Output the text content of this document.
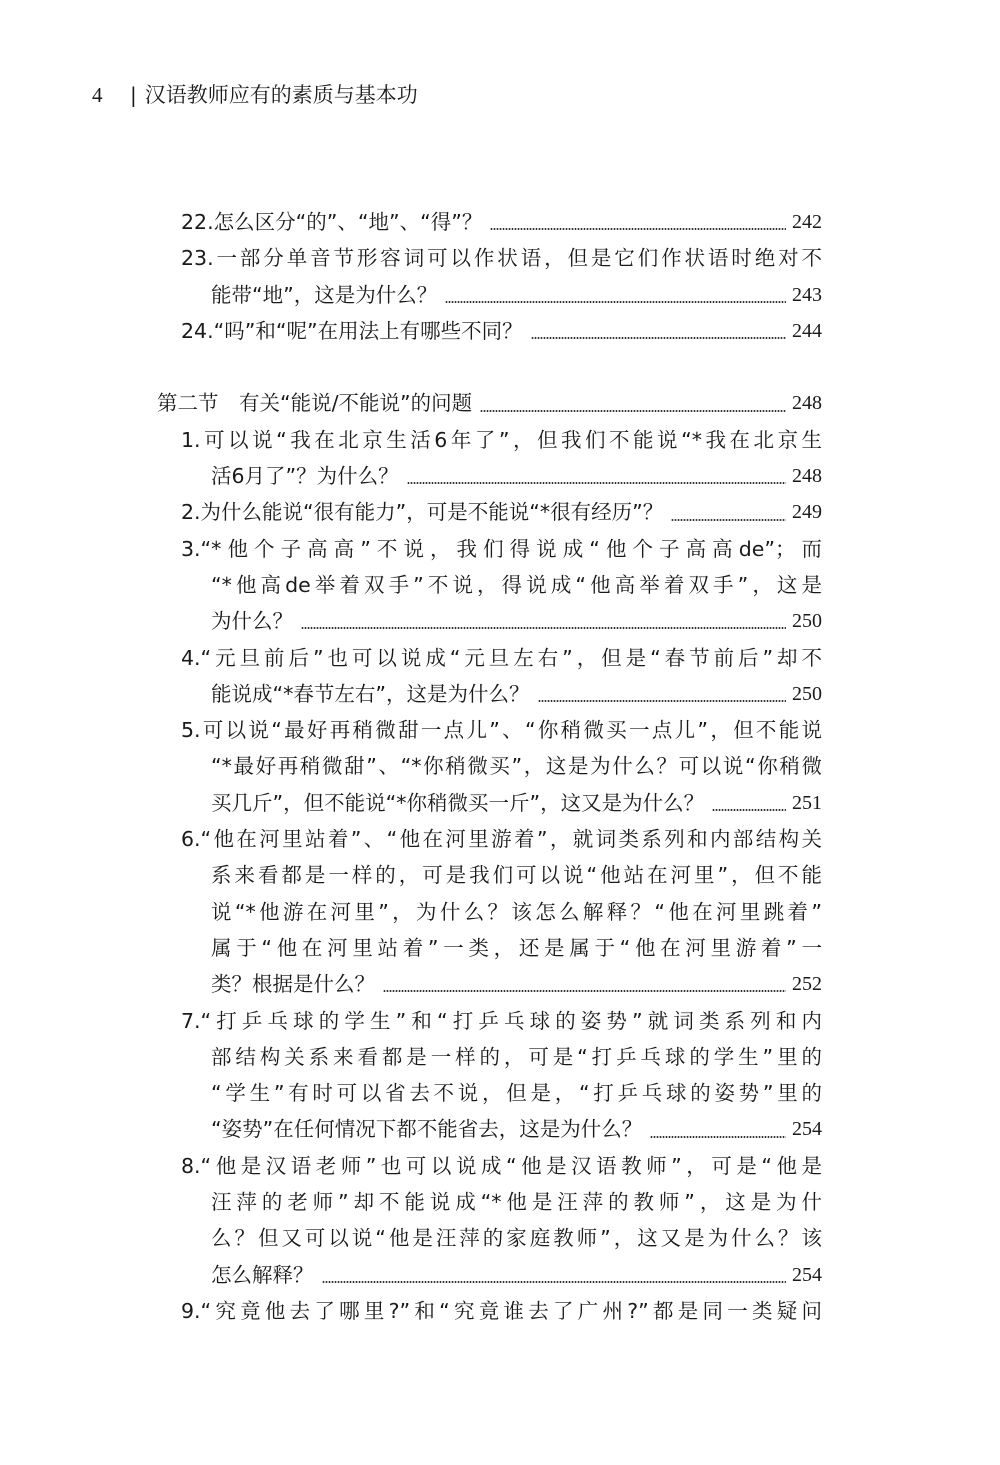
4	| 汉语教师应有的素质与基本功
22.怎么区分“的”、“地”、“得”？	242
23.一部分单音节形容词可以作状语，但是它们作状语时绝对不
能带“地”，这是为什么？	243
24.“吗”和“呢”在用法上有哪些不同？	244
第二节　有关“能说/不能说”的问题	248
1.可以说“我在北京生活6年了”，但我们不能说“*我在北京生
活6月了”？为什么？	248
2.为什么能说“很有能力”，可是不能说“*很有经历”？	249
3.“*他个子高高”不说，我们得说成“他个子高高de”；而
“*他高de举着双手”不说，得说成“他高举着双手”，这是
为什么？	250
4.“元旦前后”也可以说成“元旦左右”，但是“春节前后”却不
能说成“*春节左右”，这是为什么？	250
5.可以说“最好再稍微甜一点儿”、“你稍微买一点儿”，但不能说
“*最好再稍微甜”、“*你稍微买”，这是为什么？可以说“你稍微
买几斤”，但不能说“*你稍微买一斤”，这又是为什么？	251
6.“他在河里站着”、“他在河里游着”，就词类系列和内部结构关
系来看都是一样的，可是我们可以说“他站在河里”，但不能
说“*他游在河里”，为什么？该怎么解释？“他在河里跳着”
属于“他在河里站着”一类，还是属于“他在河里游着”一
类？根据是什么？	252
7.“打乒乓球的学生”和“打乒乓球的姿势”就词类系列和内
部结构关系来看都是一样的，可是“打乒乓球的学生”里的
“学生”有时可以省去不说，但是，“打乒乓球的姿势”里的
“姿势”在任何情况下都不能省去，这是为什么？	254
8.“他是汉语老师”也可以说成“他是汉语教师”，可是“他是
汪萍的老师”却不能说成“*他是汪萍的教师”，这是为什
么？但又可以说“他是汪萍的家庭教师”，这又是为什么？该
怎么解释？	254
9.“究竟他去了哪里?”和“究竟谁去了广州?”都是同一类疑问
